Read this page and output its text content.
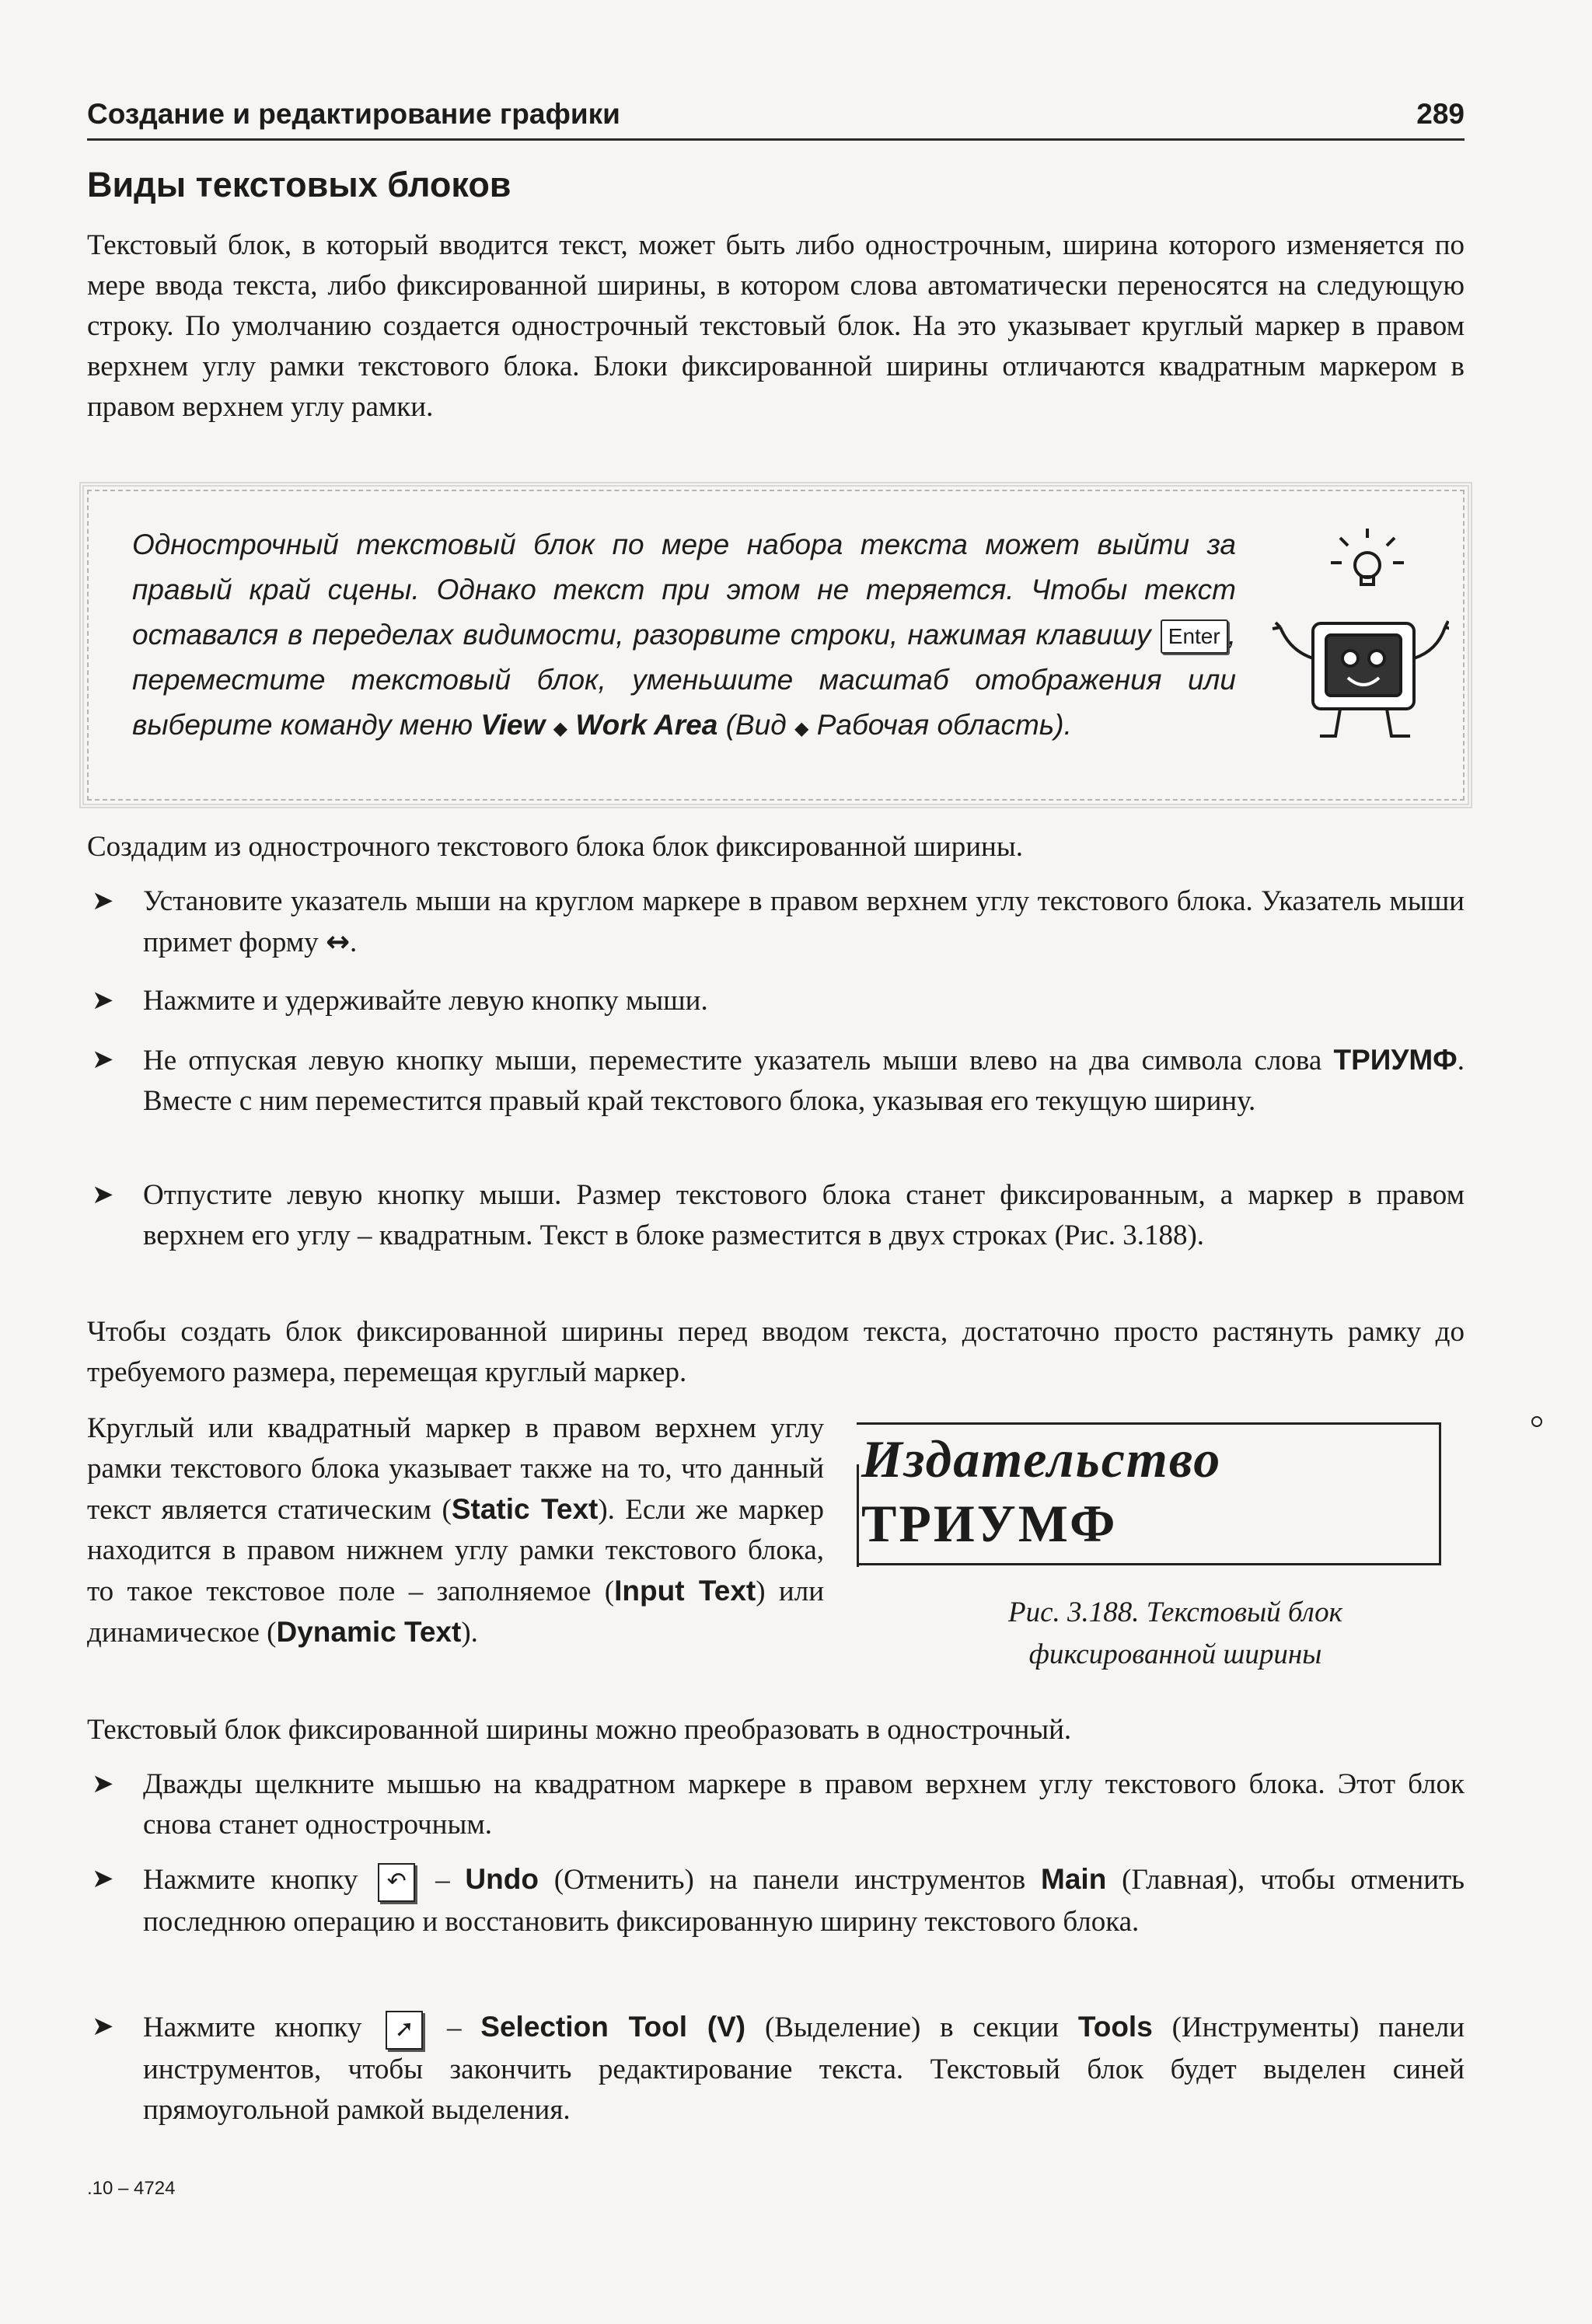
Создание и редактирование графики	289
Виды текстовых блоков

Текстовый блок, в который вводится текст, может быть либо однострочным, ширина которого изменяется по мере ввода текста, либо фиксированной ширины, в котором слова автоматически переносятся на следующую строку. По умолчанию создается однострочный текстовый блок. На это указывает круглый маркер в правом верхнем углу рамки текстового блока. Блоки фиксированной ширины отличаются квадратным маркером в правом верхнем углу рамки.

Однострочный текстовый блок по мере набора текста может выйти за правый край сцены. Однако текст при этом не теряется. Чтобы текст оставался в переделах видимости, разорвите строки, нажимая клавишу Enter , переместите текстовый блок, уменьшите масштаб отображения или выберите команду меню View ◆ Work Area (Вид ◆ Рабочая область).

Создадим из однострочного текстового блока блок фиксированной ширины.

➤ Установите указатель мыши на круглом маркере в правом верхнем углу текстового блока. Указатель мыши примет форму ↔.

➤ Нажмите и удерживайте левую кнопку мыши.

➤ Не отпуская левую кнопку мыши, переместите указатель мыши влево на два символа слова ТРИУМФ. Вместе с ним переместится правый край текстового блока, указывая его текущую ширину.

➤ Отпустите левую кнопку мыши. Размер текстового блока станет фиксированным, а маркер в правом верхнем его углу – квадратным. Текст в блоке разместится в двух строках (Рис. 3.188).

Чтобы создать блок фиксированной ширины перед вводом текста, достаточно просто растянуть рамку до требуемого размера, перемещая круглый маркер.

Круглый или квадратный маркер в правом верхнем углу рамки текстового блока указывает также на то, что данный текст является статическим (Static Text). Если же маркер находится в правом нижнем углу рамки текстового блока, то такое текстовое поле – заполняемое (Input Text) или динамическое (Dynamic Text).

Издательство
ТРИУМФ

Рис. 3.188. Текстовый блок
фиксированной ширины

Текстовый блок фиксированной ширины можно преобразовать в однострочный.

➤ Дважды щелкните мышью на квадратном маркере в правом верхнем углу текстового блока. Этот блок снова станет однострочным.

➤ Нажмите кнопку ↶ – Undo (Отменить) на панели инструментов Main (Главная), чтобы отменить последнюю операцию и восстановить фиксированную ширину текстового блока.

➤ Нажмите кнопку ➚ – Selection Tool (V) (Выделение) в секции Tools (Инструменты) панели инструментов, чтобы закончить редактирование текста. Текстовый блок будет выделен синей прямоугольной рамкой выделения.

.10 – 4724
